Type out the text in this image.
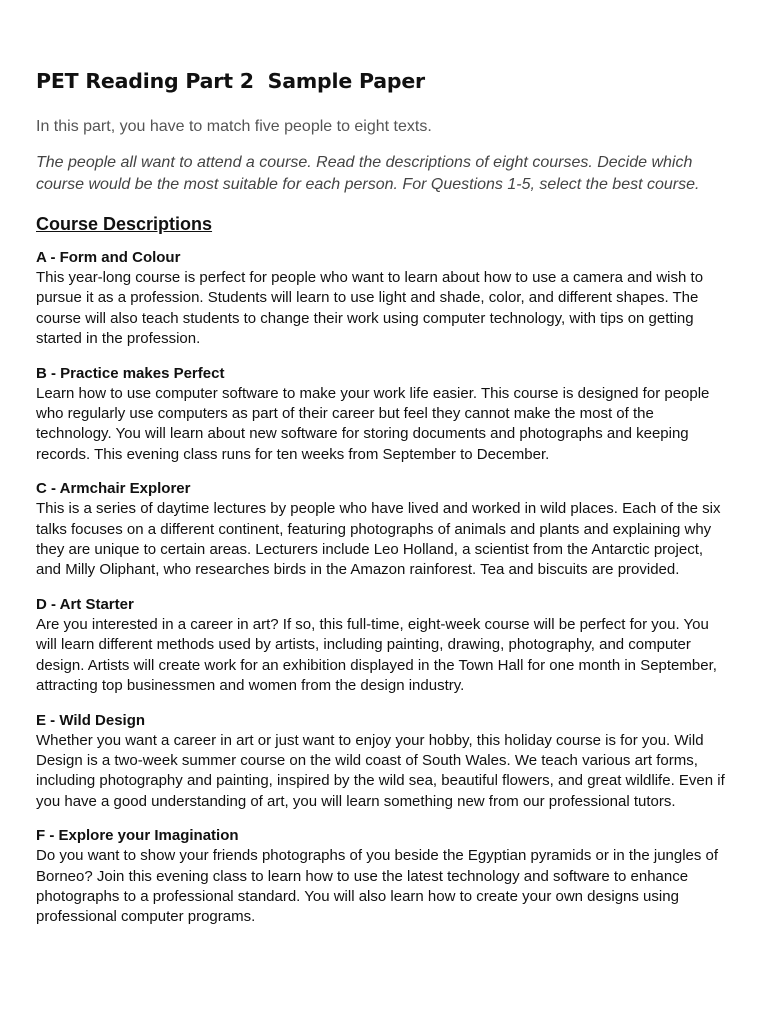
PET Reading Part 2  Sample Paper

In this part, you have to match five people to eight texts.

The people all want to attend a course. Read the descriptions of eight courses. Decide which course would be the most suitable for each person. For Questions 1-5, select the best course.

Course Descriptions
A - Form and Colour
This year-long course is perfect for people who want to learn about how to use a camera and wish to pursue it as a profession. Students will learn to use light and shade, color, and different shapes. The course will also teach students to change their work using computer technology, with tips on getting started in the profession.
B - Practice makes Perfect
Learn how to use computer software to make your work life easier. This course is designed for people who regularly use computers as part of their career but feel they cannot make the most of the technology. You will learn about new software for storing documents and photographs and keeping records. This evening class runs for ten weeks from September to December.
C - Armchair Explorer
This is a series of daytime lectures by people who have lived and worked in wild places. Each of the six talks focuses on a different continent, featuring photographs of animals and plants and explaining why they are unique to certain areas. Lecturers include Leo Holland, a scientist from the Antarctic project, and Milly Oliphant, who researches birds in the Amazon rainforest. Tea and biscuits are provided.
D - Art Starter
Are you interested in a career in art? If so, this full-time, eight-week course will be perfect for you. You will learn different methods used by artists, including painting, drawing, photography, and computer design. Artists will create work for an exhibition displayed in the Town Hall for one month in September, attracting top businessmen and women from the design industry.
E - Wild Design
Whether you want a career in art or just want to enjoy your hobby, this holiday course is for you. Wild Design is a two-week summer course on the wild coast of South Wales. We teach various art forms, including photography and painting, inspired by the wild sea, beautiful flowers, and great wildlife. Even if you have a good understanding of art, you will learn something new from our professional tutors.
F - Explore your Imagination
Do you want to show your friends photographs of you beside the Egyptian pyramids or in the jungles of Borneo? Join this evening class to learn how to use the latest technology and software to enhance photographs to a professional standard. You will also learn how to create your own designs using professional computer programs.
